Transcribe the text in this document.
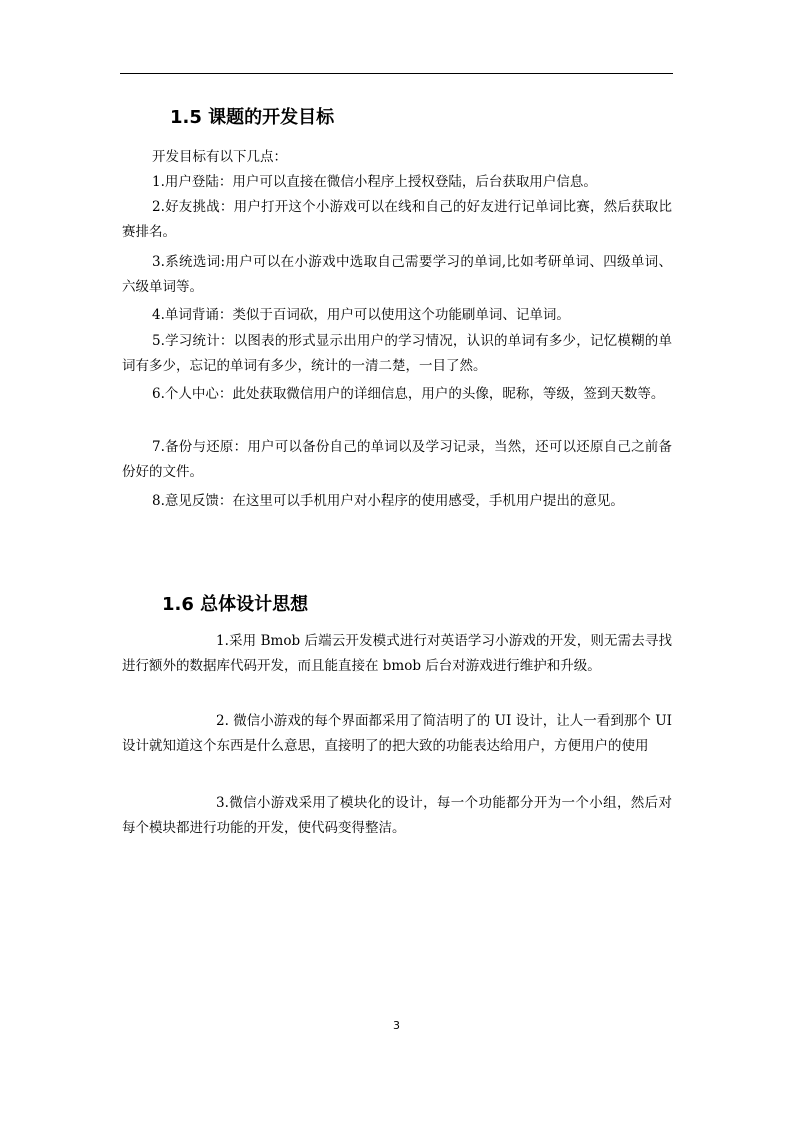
1.5 课题的开发目标

开发目标有以下几点：

1.用户登陆：用户可以直接在微信小程序上授权登陆，后台获取用户信息。

2.好友挑战：用户打开这个小游戏可以在线和自己的好友进行记单词比赛，然后获取比赛排名。

3.系统选词:用户可以在小游戏中选取自己需要学习的单词,比如考研单词、四级单词、六级单词等。

4.单词背诵：类似于百词砍，用户可以使用这个功能刷单词、记单词。

5.学习统计：以图表的形式显示出用户的学习情况，认识的单词有多少，记忆模糊的单词有多少，忘记的单词有多少，统计的一清二楚，一目了然。

6.个人中心：此处获取微信用户的详细信息，用户的头像，昵称，等级，签到天数等。

7.备份与还原：用户可以备份自己的单词以及学习记录，当然，还可以还原自己之前备份好的文件。

8.意见反馈：在这里可以手机用户对小程序的使用感受，手机用户提出的意见。

1.6 总体设计思想

1.采用 Bmob 后端云开发模式进行对英语学习小游戏的开发，则无需去寻找进行额外的数据库代码开发，而且能直接在 bmob 后台对游戏进行维护和升级。

2. 微信小游戏的每个界面都采用了简洁明了的 UI 设计，让人一看到那个 UI 设计就知道这个东西是什么意思，直接明了的把大致的功能表达给用户，方便用户的使用

3.微信小游戏采用了模块化的设计，每一个功能都分开为一个小组，然后对每个模块都进行功能的开发，使代码变得整洁。

3
